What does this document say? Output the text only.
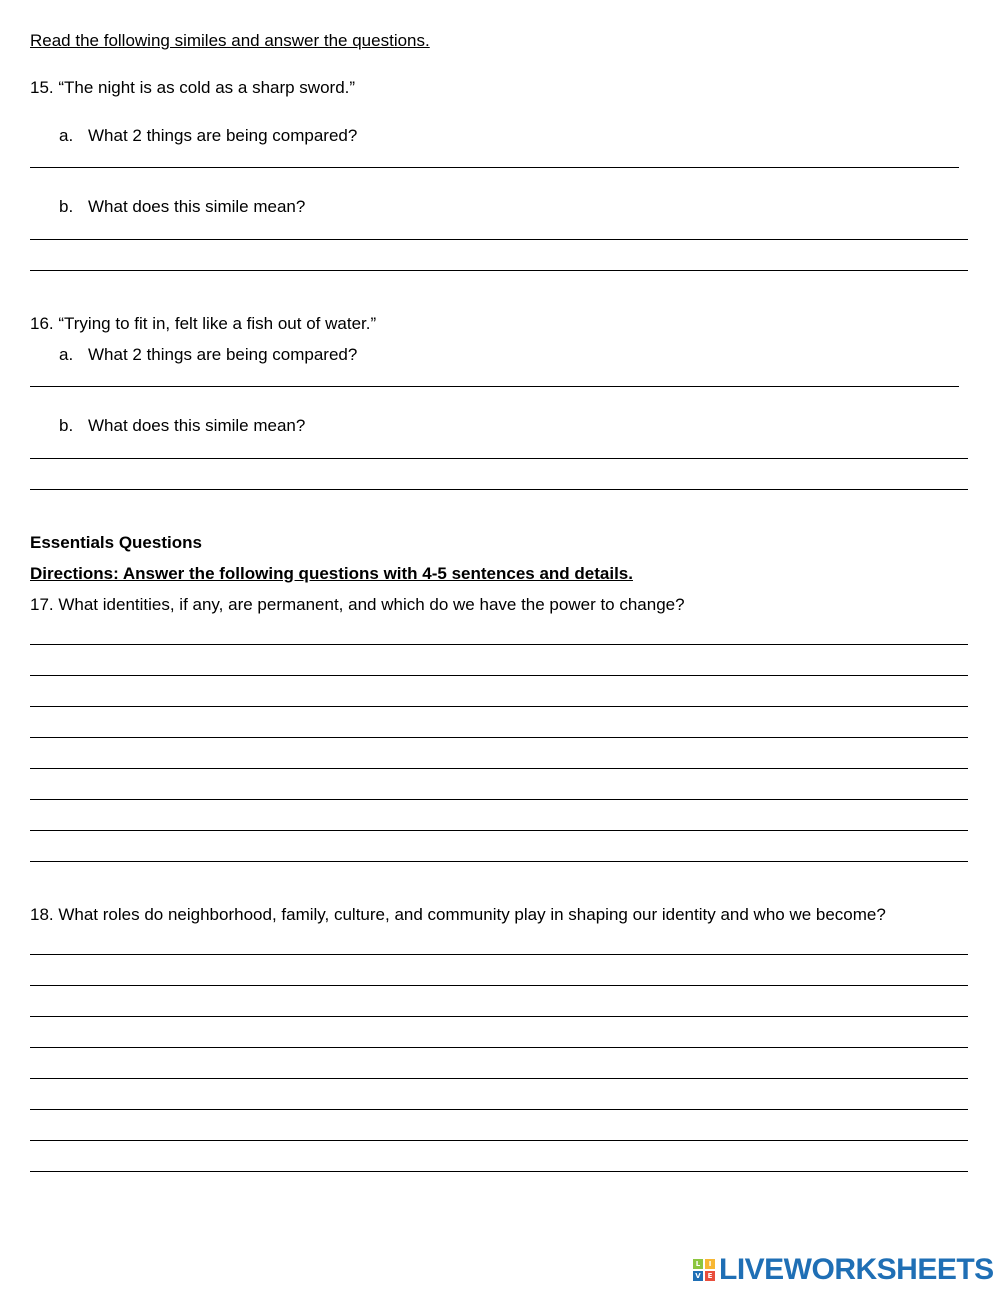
Read the following similes and answer the questions.
15. “The night is as cold as a sharp sword.”
a. What 2 things are being compared?
b. What does this simile mean?
16. “Trying to fit in, felt like a fish out of water.”
a. What 2 things are being compared?
b. What does this simile mean?
Essentials Questions
Directions: Answer the following questions with 4-5 sentences and details.
17. What identities, if any, are permanent, and which do we have the power to change?
18. What roles do neighborhood, family, culture, and community play in shaping our identity and who we become?
L	I
V E LIVEWORKSHEETS
